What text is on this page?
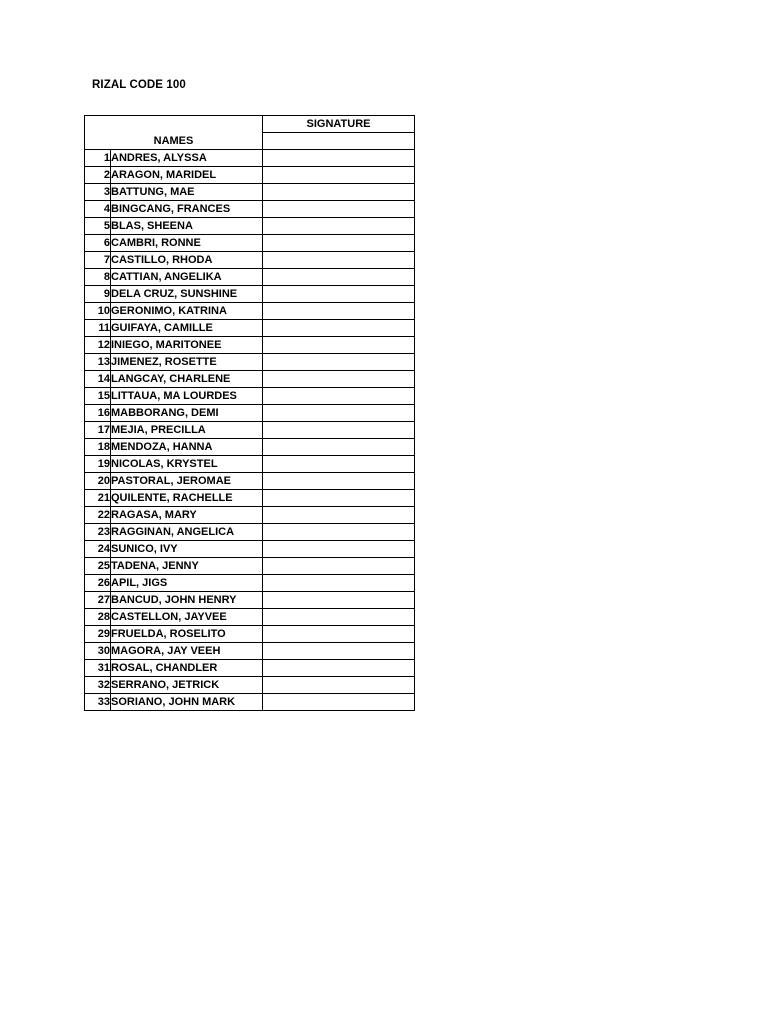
RIZAL CODE 100
NAMES		SIGNATURE

1	ANDRES, ALYSSA	
2	ARAGON, MARIDEL	
3	BATTUNG, MAE	
4	BINGCANG, FRANCES	
5	BLAS, SHEENA	
6	CAMBRI, RONNE	
7	CASTILLO, RHODA	
8	CATTIAN, ANGELIKA	
9	DELA CRUZ, SUNSHINE	
10	GERONIMO, KATRINA	
11	GUIFAYA, CAMILLE	
12	INIEGO, MARITONEE	
13	JIMENEZ, ROSETTE	
14	LANGCAY, CHARLENE	
15	LITTAUA, MA LOURDES	
16	MABBORANG, DEMI	
17	MEJIA, PRECILLA	
18	MENDOZA, HANNA	
19	NICOLAS, KRYSTEL	
20	PASTORAL, JEROMAE	
21	QUILENTE, RACHELLE	
22	RAGASA, MARY	
23	RAGGINAN, ANGELICA	
24	SUNICO, IVY	
25	TADENA, JENNY	
26	APIL, JIGS	
27	BANCUD, JOHN HENRY	
28	CASTELLON, JAYVEE	
29	FRUELDA, ROSELITO	
30	MAGORA, JAY VEEH	
31	ROSAL, CHANDLER	
32	SERRANO, JETRICK	
33	SORIANO, JOHN MARK	
